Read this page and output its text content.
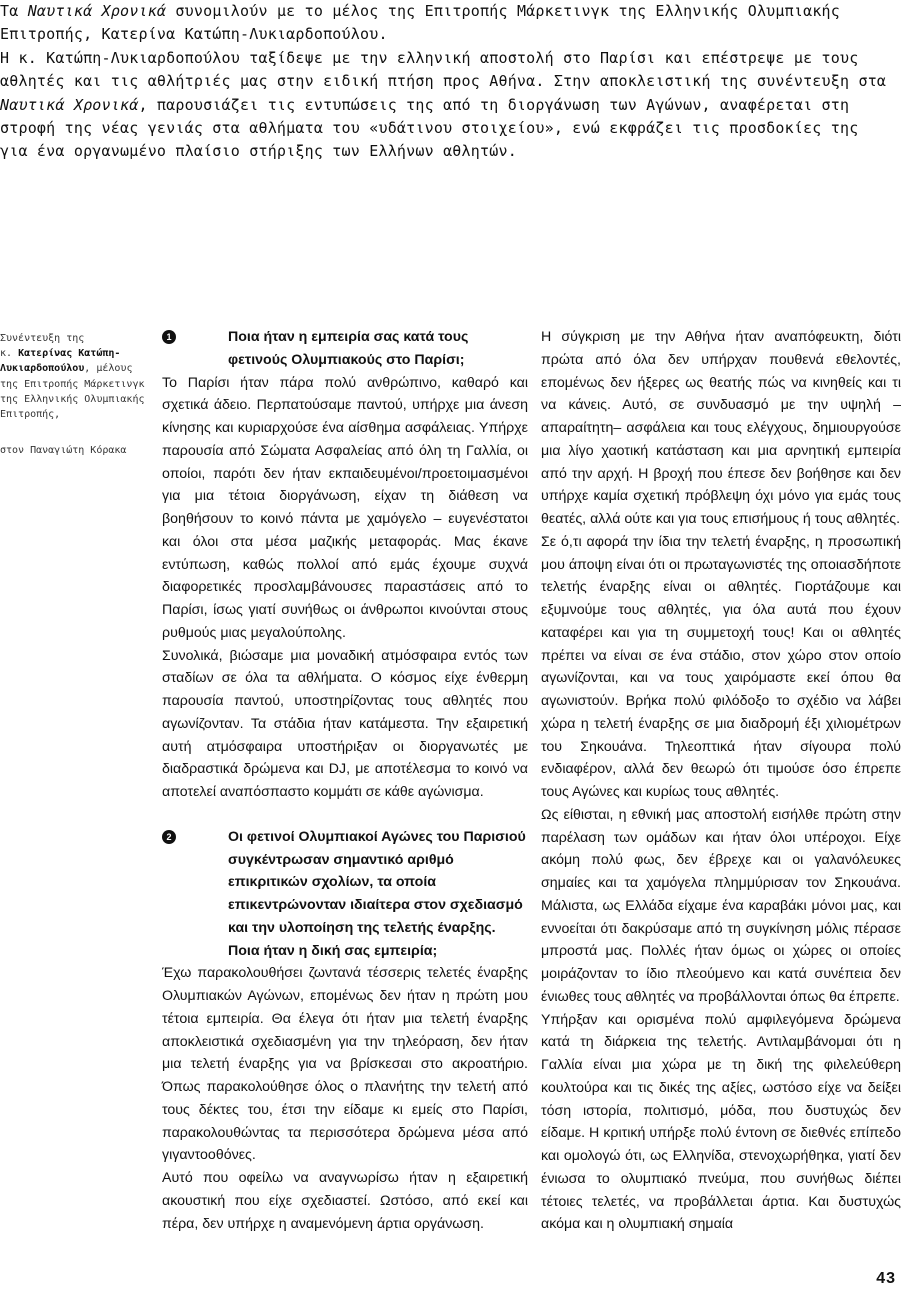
Τα Ναυτικά Χρονικά συνομιλούν με το μέλος της Επιτροπής Μάρκετινγκ της Ελληνικής Ολυμπιακής Επιτροπής, Κατερίνα Κατώπη-Λυκιαρδοπούλου.

Η κ. Κατώπη-Λυκιαρδοπούλου ταξίδεψε με την ελληνική αποστολή στο Παρίσι και επέστρεψε με τους αθλητές και τις αθλήτριές μας στην ειδική πτήση προς Αθήνα. Στην αποκλειστική της συνέντευξη στα Ναυτικά Χρονικά, παρουσιάζει τις εντυπώσεις της από τη διοργάνωση των Αγώνων, αναφέρεται στη στροφή της νέας γενιάς στα αθλήματα του «υδάτινου στοιχείου», ενώ εκφράζει τις προσδοκίες της για ένα οργανωμένο πλαίσιο στήριξης των Ελλήνων αθλητών.

Συνέντευξη της
κ. Κατερίνας Κατώπη-Λυκιαρδοπούλου, μέλους της Επιτροπής Μάρκετινγκ της Ελληνικής Ολυμπιακής Επιτροπής,
στον Παναγιώτη Κόρακα
1	Ποια ήταν η εμπειρία σας κατά τους φετινούς Ολυμπιακούς στο Παρίσι;

Το Παρίσι ήταν πάρα πολύ ανθρώπινο, καθαρό και σχετικά άδειο. Περπατούσαμε παντού, υπήρχε μια άνεση κίνησης και κυριαρχούσε ένα αίσθημα ασφάλειας. Υπήρχε παρουσία από Σώματα Ασφαλείας από όλη τη Γαλλία, οι οποίοι, παρότι δεν ήταν εκπαιδευμένοι/προετοιμασμένοι για μια τέτοια διοργάνωση, είχαν τη διάθεση να βοηθήσουν το κοινό πάντα με χαμόγελο – ευγενέστατοι και όλοι στα μέσα μαζικής μεταφοράς. Μας έκανε εντύπωση, καθώς πολλοί από εμάς έχουμε συχνά διαφορετικές προσλαμβάνουσες παραστάσεις από το Παρίσι, ίσως γιατί συνήθως οι άνθρωποι κινούνται στους ρυθμούς μιας μεγαλούπολης.

Συνολικά, βιώσαμε μια μοναδική ατμόσφαιρα εντός των σταδίων σε όλα τα αθλήματα. Ο κόσμος είχε ένθερμη παρουσία παντού, υποστηρίζοντας τους αθλητές που αγωνίζονταν. Τα στάδια ήταν κατάμεστα. Την εξαιρετική αυτή ατμόσφαιρα υποστήριξαν οι διοργανωτές με διαδραστικά δρώμενα και DJ, με αποτέλεσμα το κοινό να αποτελεί αναπόσπαστο κομμάτι σε κάθε αγώνισμα.

2	Οι φετινοί Ολυμπιακοί Αγώνες του Παρισιού συγκέντρωσαν σημαντικό αριθμό επικριτικών σχολίων, τα οποία επικεντρώνονταν ιδιαίτερα στον σχεδιασμό και την υλοποίηση της τελετής έναρξης. Ποια ήταν η δική σας εμπειρία;

Έχω παρακολουθήσει ζωντανά τέσσερις τελετές έναρξης Ολυμπιακών Αγώνων, επομένως δεν ήταν η πρώτη μου τέτοια εμπειρία. Θα έλεγα ότι ήταν μια τελετή έναρξης αποκλειστικά σχεδιασμένη για την τηλεόραση, δεν ήταν μια τελετή έναρξης για να βρίσκεσαι στο ακροατήριο. Όπως παρακολούθησε όλος ο πλανήτης την τελετή από τους δέκτες του, έτσι την είδαμε κι εμείς στο Παρίσι, παρακολουθώντας τα περισσότερα δρώμενα μέσα από γιγαντοοθόνες.

Αυτό που οφείλω να αναγνωρίσω ήταν η εξαιρετική ακουστική που είχε σχεδιαστεί. Ωστόσο, από εκεί και πέρα, δεν υπήρχε η αναμενόμενη άρτια οργάνωση.

Η σύγκριση με την Αθήνα ήταν αναπόφευκτη, διότι πρώτα από όλα δεν υπήρχαν πουθενά εθελοντές, επομένως δεν ήξερες ως θεατής πώς να κινηθείς και τι να κάνεις. Αυτό, σε συνδυασμό με την υψηλή –απαραίτητη– ασφάλεια και τους ελέγχους, δημιουργούσε μια λίγο χαοτική κατάσταση και μια αρνητική εμπειρία από την αρχή. Η βροχή που έπεσε δεν βοήθησε και δεν υπήρχε καμία σχετική πρόβλεψη όχι μόνο για εμάς τους θεατές, αλλά ούτε και για τους επισήμους ή τους αθλητές.

Σε ό,τι αφορά την ίδια την τελετή έναρξης, η προσωπική μου άποψη είναι ότι οι πρωταγωνιστές της οποιασδήποτε τελετής έναρξης είναι οι αθλητές. Γιορτάζουμε και εξυμνούμε τους αθλητές, για όλα αυτά που έχουν καταφέρει και για τη συμμετοχή τους! Και οι αθλητές πρέπει να είναι σε ένα στάδιο, στον χώρο στον οποίο αγωνίζονται, και να τους χαιρόμαστε εκεί όπου θα αγωνιστούν. Βρήκα πολύ φιλόδοξο το σχέδιο να λάβει χώρα η τελετή έναρξης σε μια διαδρομή έξι χιλιομέτρων του Σηκουάνα. Τηλεοπτικά ήταν σίγουρα πολύ ενδιαφέρον, αλλά δεν θεωρώ ότι τιμούσε όσο έπρεπε τους Αγώνες και κυρίως τους αθλητές.

Ως είθισται, η εθνική μας αποστολή εισήλθε πρώτη στην παρέλαση των ομάδων και ήταν όλοι υπέροχοι. Είχε ακόμη πολύ φως, δεν έβρεχε και οι γαλανόλευκες σημαίες και τα χαμόγελα πλημμύρισαν τον Σηκουάνα. Μάλιστα, ως Ελλάδα είχαμε ένα καραβάκι μόνοι μας, και εννοείται ότι δακρύσαμε από τη συγκίνηση μόλις πέρασε μπροστά μας. Πολλές ήταν όμως οι χώρες οι οποίες μοιράζονταν το ίδιο πλεούμενο και κατά συνέπεια δεν ένιωθες τους αθλητές να προβάλλονται όπως θα έπρεπε.

Υπήρξαν και ορισμένα πολύ αμφιλεγόμενα δρώμενα κατά τη διάρκεια της τελετής. Αντιλαμβάνομαι ότι η Γαλλία είναι μια χώρα με τη δική της φιλελεύθερη κουλτούρα και τις δικές της αξίες, ωστόσο είχε να δείξει τόση ιστορία, πολιτισμό, μόδα, που δυστυχώς δεν είδαμε. Η κριτική υπήρξε πολύ έντονη σε διεθνές επίπεδο και ομολογώ ότι, ως Ελληνίδα, στενοχωρήθηκα, γιατί δεν ένιωσα το ολυμπιακό πνεύμα, που συνήθως διέπει τέτοιες τελετές, να προβάλλεται άρτια. Και δυστυχώς ακόμα και η ολυμπιακή σημαία

43
